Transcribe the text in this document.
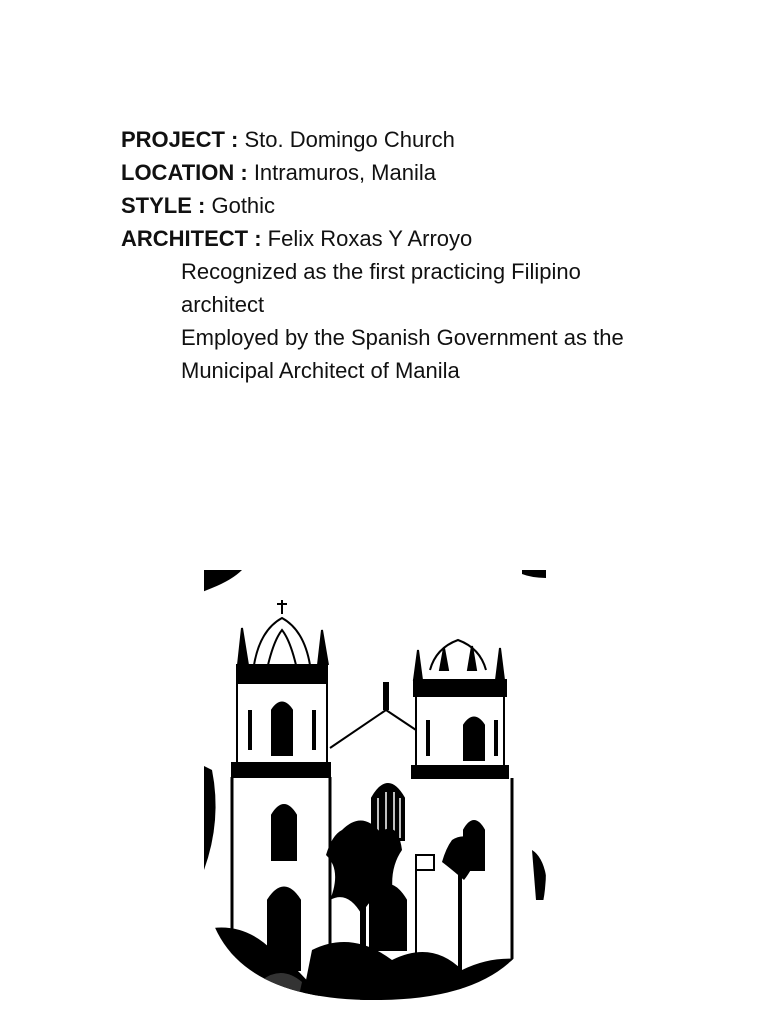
PROJECT : Sto. Domingo Church
LOCATION : Intramuros, Manila
STYLE : Gothic
ARCHITECT : Felix Roxas Y Arroyo
Recognized as the first practicing Filipino architect
Employed by the Spanish Government as the Municipal Architect of Manila
